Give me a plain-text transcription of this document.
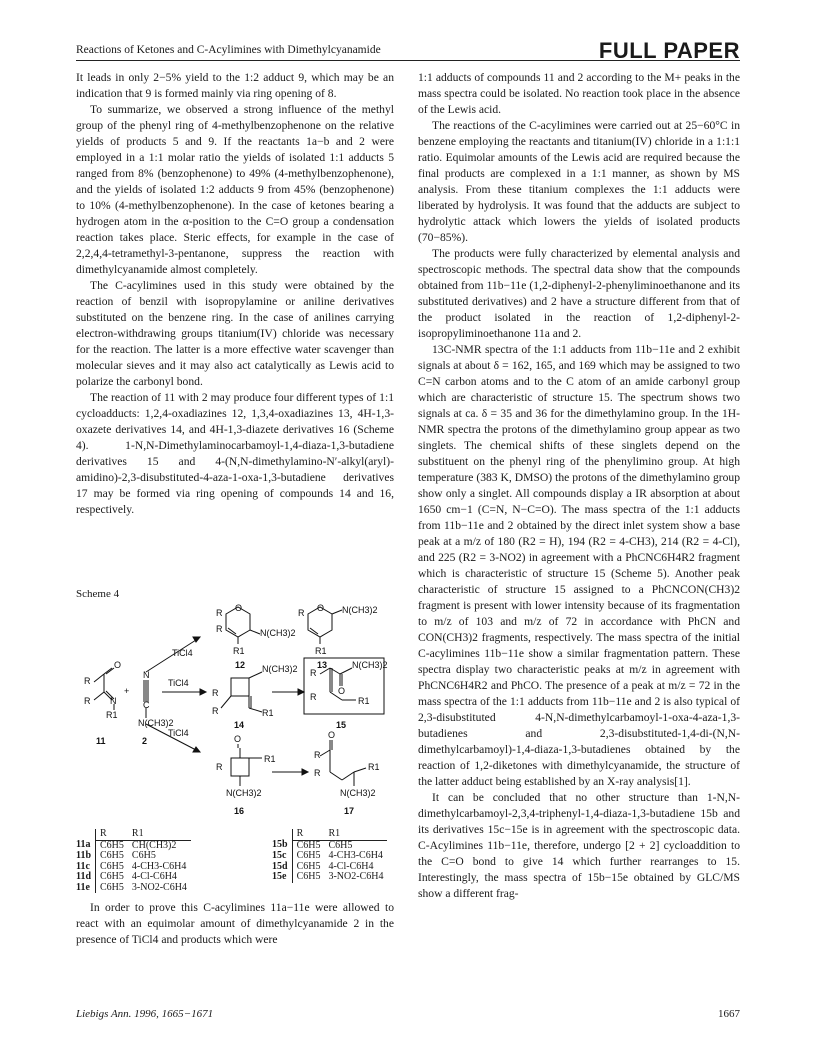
Reactions of Ketones and C-Acylimines with Dimethylcyanamide	FULL PAPER

It leads in only 2−5% yield to the 1:2 adduct 9, which may be an indication that 9 is formed mainly via ring opening of 8.

To summarize, we observed a strong influence of the methyl group of the phenyl ring of 4-methylbenzophenone on the relative yields of products 5 and 9. If the reactants 1a−b and 2 were employed in a 1:1 molar ratio the yields of isolated 1:1 adducts 5 ranged from 8% (benzophenone) to 49% (4-methylbenzophenone), and the yields of isolated 1:2 adducts 9 from 45% (benzophenone) to 10% (4-methylbenzophenone). In the case of ketones bearing a hydrogen atom in the α-position to the C=O group a condensation reaction takes place. Steric effects, for example in the case of 2,2,4,4-tetramethyl-3-pentanone, suppress the reaction with dimethylcyanamide almost completely.

The C-acylimines used in this study were obtained by the reaction of benzil with isopropylamine or aniline derivatives substituted on the benzene ring. In the case of anilines carrying electron-withdrawing groups titanium(IV) chloride was necessary for the reaction. The latter is a more effective water scavenger than molecular sieves and it may also act catalytically as Lewis acid to polarize the carbonyl bond.

The reaction of 11 with 2 may produce four different types of 1:1 cycloadducts: 1,2,4-oxadiazines 12, 1,3,4-oxadiazines 13, 4H-1,3-oxazete derivatives 14, and 4H-1,3-diazete derivatives 16 (Scheme 4). 1-N,N-Dimethylaminocarbamoyl-1,4-diaza-1,3-butadiene derivatives 15 and 4-(N,N-dimethylamino-N′-alkyl(aryl)-amidino)-2,3-disubstituted-4-aza-1-oxa-1,3-butadiene derivatives 17 may be formed via ring opening of compounds 14 and 16, respectively.

Scheme 4
TiCl4
TiCl4
TiCl4
+
R
O
R N
R1
N
C
N(CH3)2
11	2
R O
R	N(CH3)2
R1
12
R O N(CH3)2
R1
13
N(CH3)2
R
R	R1
14
N(CH3)2
O
R
R	R1
15
O
R
R1
N(CH3)2
16
R
O
R
R1
N(CH3)2
17
	R	R1
11a	C6H5	CH(CH3)2
11b	C6H5	C6H5
11c	C6H5	4-CH3-C6H4
11d	C6H5	4-Cl-C6H4
11e	C6H5	3-NO2-C6H4
	R	R1
15b	C6H5	C6H5
15c	C6H5	4-CH3-C6H4
15d	C6H5	4-Cl-C6H4
15e	C6H5	3-NO2-C6H4
In order to prove this C-acylimines 11a−11e were allowed to react with an equimolar amount of dimethylcyanamide 2 in the presence of TiCl4 and products which were

1:1 adducts of compounds 11 and 2 according to the M+ peaks in the mass spectra could be isolated. No reaction took place in the absence of the Lewis acid.

The reactions of the C-acylimines were carried out at 25−60°C in benzene employing the reactants and titanium(IV) chloride in a 1:1:1 ratio. Equimolar amounts of the Lewis acid are required because the final products are complexed in a 1:1 manner, as shown by MS analysis. From these titanium complexes the 1:1 adducts were liberated by hydrolysis. It was found that the adducts are subject to hydrolytic attack which lowers the yields of isolated products (70−85%).

The products were fully characterized by elemental analysis and spectroscopic methods. The spectral data show that the compounds obtained from 11b−11e (1,2-diphenyl-2-phenyliminoethanone and its substituted derivatives) and 2 have a structure different from that of the product isolated in the reaction of 1,2-diphenyl-2-isopropyliminoethanone 11a and 2.

13C-NMR spectra of the 1:1 adducts from 11b−11e and 2 exhibit signals at about δ = 162, 165, and 169 which may be assigned to two C=N carbon atoms and to the C atom of an amide carbonyl group which are characteristic of structure 15. The spectrum shows two signals at ca. δ = 35 and 36 for the dimethylamino group. In the 1H-NMR spectra the protons of the dimethylamino group appear as two singlets. The chemical shifts of these singlets depend on the substituent on the phenyl ring of the phenylimino group. At high temperature (383 K, DMSO) the protons of the dimethylamino group show only a singlet. All compounds display a IR absorption at about 1650 cm−1 (C=N, N−C=O). The mass spectra of the 1:1 adducts from 11b−11e and 2 obtained by the direct inlet system show a base peak at a m/z of 180 (R2 = H), 194 (R2 = 4-CH3), 214 (R2 = 4-Cl), and 225 (R2 = 3-NO2) in agreement with a PhCNC6H4R2 fragment which is characteristic of structure 15 (Scheme 5). Another peak characteristic of structure 15 assigned to a PhCNCON(CH3)2 fragment is present with lower intensity because of its fragmentation to m/z of 103 and m/z of 72 in accordance with PhCN and CON(CH3)2 fragments, respectively. The mass spectra of the initial C-acylimines 11b−11e show a similar fragmentation pattern. These spectra display two characteristic peaks at m/z in agreement with PhCNC6H4R2 and PhCO. The presence of a peak at m/z = 72 in the mass spectra of the 1:1 adducts from 11b−11e and 2 is also typical of 2,3-disubstituted 4-N,N-dimethylcarbamoyl-1-oxa-4-aza-1,3-butadienes and 2,3-disubstituted-1,4-di-(N,N-dimethylcarbamoyl)-1,4-diaza-1,3-butadienes obtained by the reaction of 1,2-diketones with dimethylcyanamide, the structure of the latter adduct being established by an X-ray analysis[1].

It can be concluded that no other structure than 1-N,N-dimethylcarbamoyl-2,3,4-triphenyl-1,4-diaza-1,3-butadiene 15b and its derivatives 15c−15e is in agreement with the spectroscopic data. C-Acylimines 11b−11e, therefore, undergo [2 + 2] cycloaddition to the C=O bond to give 14 which further rearranges to 15. Interestingly, the mass spectra of 15b−15e obtained by GLC/MS show a different frag-

Liebigs Ann. 1996, 1665−1671	1667
